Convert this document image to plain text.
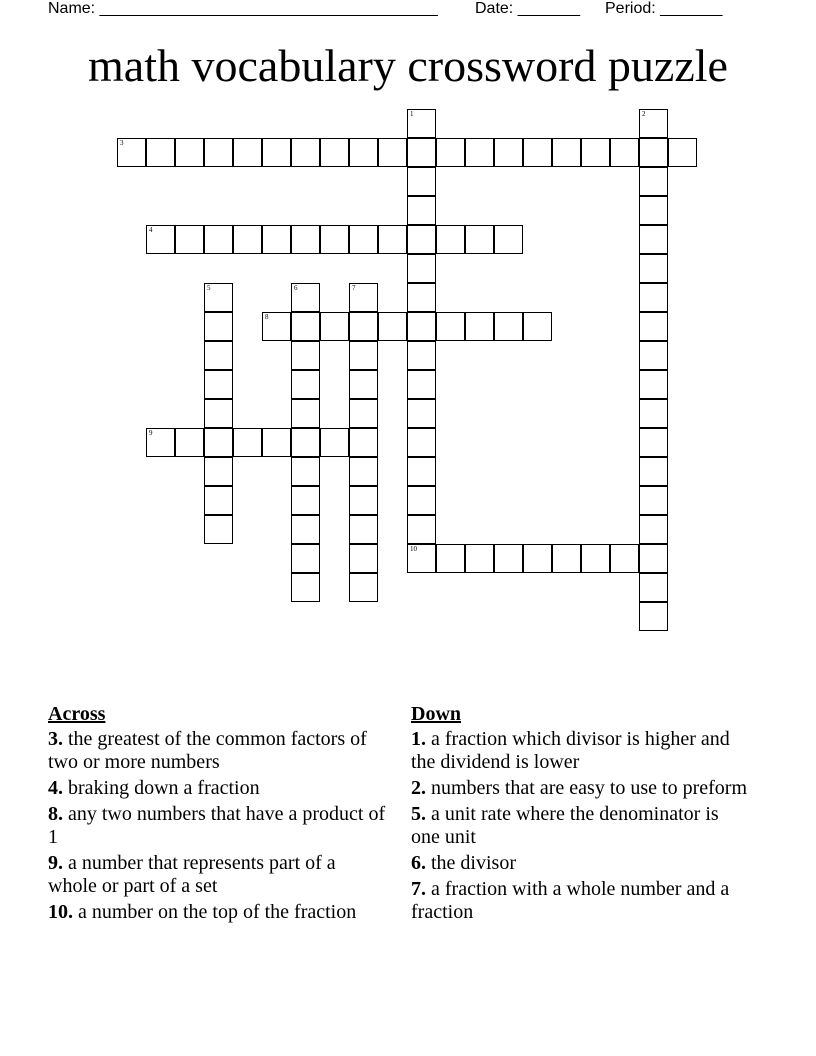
Name: ______________________________________

Date: _______

Period: _______

math vocabulary crossword puzzle
1
10
2
3
4
5	6	7
8
9
Across
3. the greatest of the common factors of two or more numbers
4. braking down a fraction
8. any two numbers that have a product of 1
9. a number that represents part of a whole or part of a set
10. a number on the top of the fraction
Down
1. a fraction which divisor is higher and the dividend is lower
2. numbers that are easy to use to preform
5. a unit rate where the denominator is one unit
6. the divisor
7. a fraction with a whole number and a fraction
